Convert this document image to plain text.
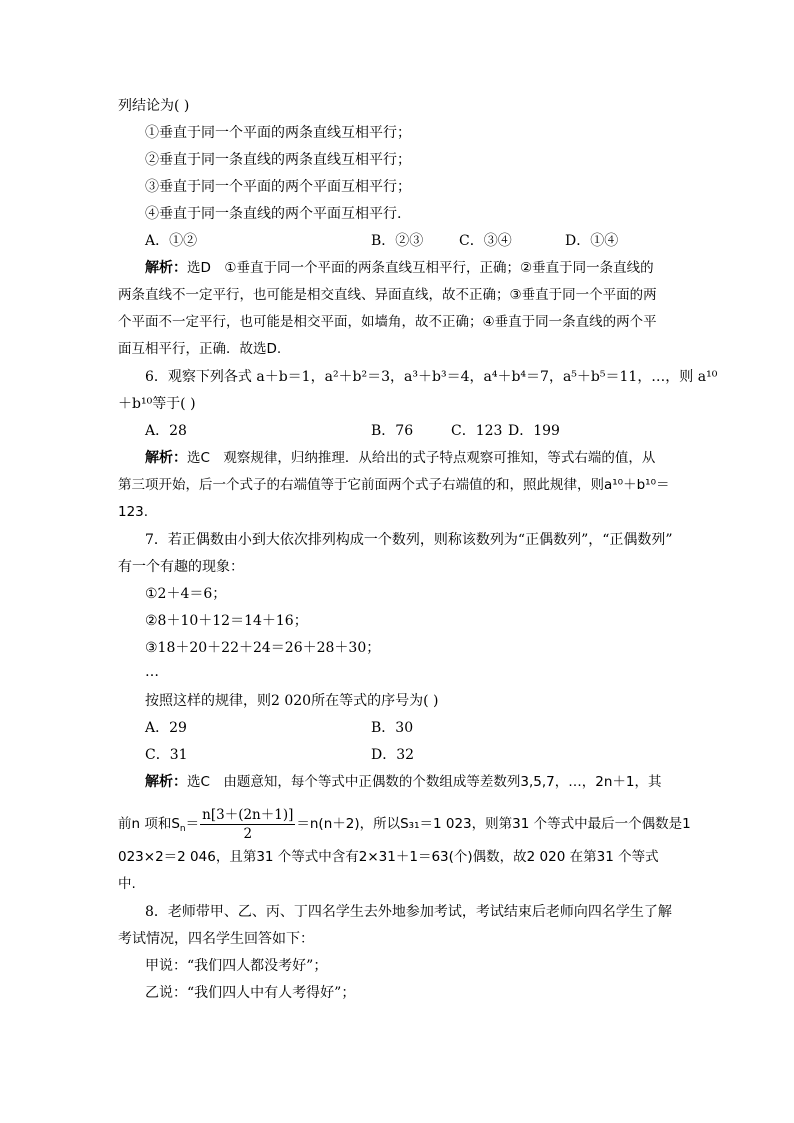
列结论为( )
①垂直于同一个平面的两条直线互相平行；
②垂直于同一条直线的两条直线互相平行；
③垂直于同一个平面的两个平面互相平行；
④垂直于同一条直线的两个平面互相平行.
A．①②	B．②③	C．③④	D．①④
解析：选D　①垂直于同一个平面的两条直线互相平行，正确；②垂直于同一条直线的
两条直线不一定平行，也可能是相交直线、异面直线，故不正确；③垂直于同一个平面的两
个平面不一定平行，也可能是相交平面，如墙角，故不正确；④垂直于同一条直线的两个平
面互相平行，正确．故选D.
6．观察下列各式 a＋b＝1，a²＋b²＝3，a³＋b³＝4，a⁴＋b⁴＝7，a⁵＋b⁵＝11，…，则 a¹⁰
＋b¹⁰等于( )
A．28	B．76	C．123 D．199
解析：选C　观察规律，归纳推理．从给出的式子特点观察可推知，等式右端的值，从
第三项开始，后一个式子的右端值等于它前面两个式子右端值的和，照此规律，则a¹⁰＋b¹⁰＝
123.
7．若正偶数由小到大依次排列构成一个数列，则称该数列为“正偶数列”，“正偶数列”
有一个有趣的现象：
①2＋4＝6；
②8＋10＋12＝14＋16；
③18＋20＋22＋24＝26＋28＋30；
…
按照这样的规律，则2 020所在等式的序号为( )
A．29	B．30
C．31	D．32
解析：选C　由题意知，每个等式中正偶数的个数组成等差数列3,5,7，…，2n＋1，其
前n 项和$S_n= \frac{n[3+(2n+1)]}{2} =n(n+2)$，所以S₃₁＝1 023，则第31 个等式中最后一个偶数是1
023×2＝2 046，且第31 个等式中含有2×31＋1＝63(个)偶数，故2 020 在第31 个等式
中.
8．老师带甲、乙、丙、丁四名学生去外地参加考试，考试结束后老师向四名学生了解
考试情况，四名学生回答如下：
甲说：“我们四人都没考好”；
乙说：“我们四人中有人考得好”；
